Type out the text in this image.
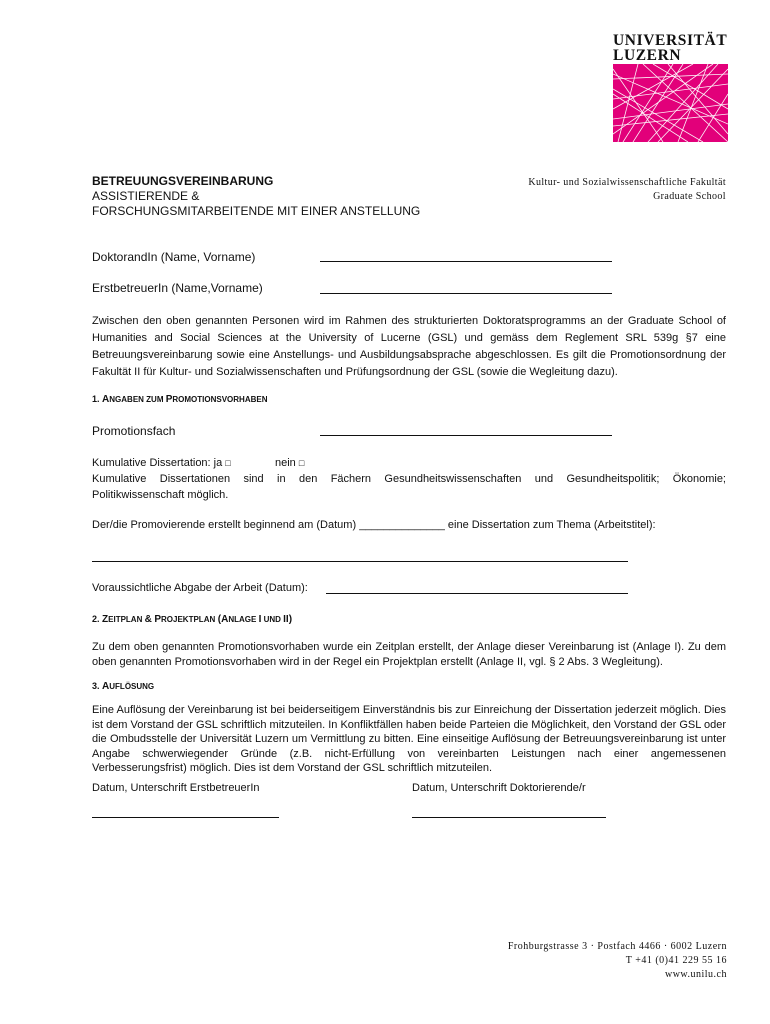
UNIVERSITÄT
LUZERN
BETREUUNGSVEREINBARUNG
ASSISTIERENDE &
FORSCHUNGSMITARBEITENDE MIT EINER ANSTELLUNG
Kultur- und Sozialwissenschaftliche Fakultät
Graduate School
DoktorandIn (Name, Vorname)
ErstbetreuerIn (Name,Vorname)
Zwischen den oben genannten Personen wird im Rahmen des strukturierten Doktoratsprogramms an der Graduate School of Humanities and Social Sciences at the University of Lucerne (GSL) und gemäss dem Reglement SRL 539g §7 eine Betreuungsvereinbarung sowie eine Anstellungs- und Ausbildungsabsprache abgeschlossen. Es gilt die Promotionsordnung der Fakultät II für Kultur- und Sozialwissenschaften und Prüfungsordnung der GSL (sowie die Wegleitung dazu).
1. ANGABEN ZUM PROMOTIONSVORHABEN
Promotionsfach
Kumulative Dissertation: ja □	nein □
Kumulative Dissertationen sind in den Fächern Gesundheitswissenschaften und Gesundheitspolitik; Ökonomie; Politikwissenschaft möglich.
Der/die Promovierende erstellt beginnend am (Datum) ______________ eine Dissertation zum Thema (Arbeitstitel):
Voraussichtliche Abgabe der Arbeit (Datum):
2. ZEITPLAN & PROJEKTPLAN (ANLAGE I UND II)
Zu dem oben genannten Promotionsvorhaben wurde ein Zeitplan erstellt, der Anlage dieser Vereinbarung ist (Anlage I). Zu dem oben genannten Promotionsvorhaben wird in der Regel ein Projektplan erstellt (Anlage II, vgl. § 2 Abs. 3 Wegleitung).
3. AUFLÖSUNG
Eine Auflösung der Vereinbarung ist bei beiderseitigem Einverständnis bis zur Einreichung der Dissertation jederzeit möglich. Dies ist dem Vorstand der GSL schriftlich mitzuteilen. In Konfliktfällen haben beide Parteien die Möglichkeit, den Vorstand der GSL oder die Ombudsstelle der Universität Luzern um Vermittlung zu bitten. Eine einseitige Auflösung der Betreuungsvereinbarung ist unter Angabe schwerwiegender Gründe (z.B. nicht-Erfüllung von vereinbarten Leistungen nach einer angemessenen Verbesserungsfrist) möglich. Dies ist dem Vorstand der GSL schriftlich mitzuteilen.
Datum, Unterschrift ErstbetreuerIn	Datum, Unterschrift Doktorierende/r
Frohburgstrasse 3 · Postfach 4466 · 6002 Luzern
T +41 (0)41 229 55 16
www.unilu.ch
